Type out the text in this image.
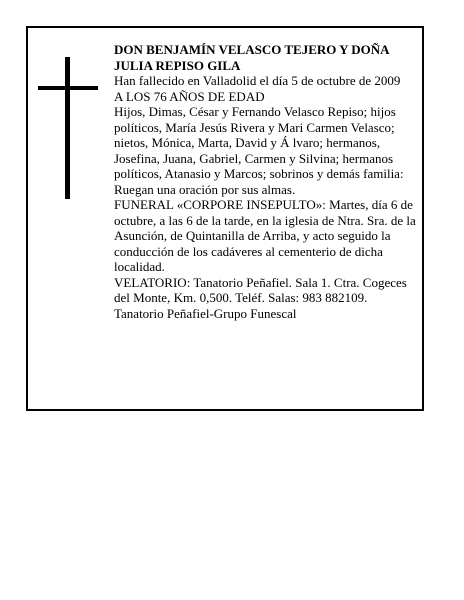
DON BENJAMÍN VELASCO TEJERO Y DOÑA JULIA REPISO GILA

Han fallecido en Valladolid el día 5 de octubre de 2009

A LOS 76 AÑOS DE EDAD

Hijos, Dimas, César y Fernando Velasco Repiso; hijos políticos, María Jesús Rivera y Mari Carmen Velasco; nietos, Mónica, Marta, David y Á lvaro; hermanos, Josefina, Juana, Gabriel, Carmen y Silvina; hermanos políticos, Atanasio y Marcos; sobrinos y demás familia:

Ruegan una oración por sus almas.

FUNERAL «CORPORE INSEPULTO»: Martes, día 6 de octubre, a las 6 de la tarde, en la iglesia de Ntra. Sra. de la Asunción, de Quintanilla de Arriba, y acto seguido la conducción de los cadáveres al cementerio de dicha localidad.

VELATORIO: Tanatorio Peñafiel. Sala 1. Ctra. Cogeces del Monte, Km. 0,500. Teléf. Salas: 983 882109.

Tanatorio Peñafiel-Grupo Funescal
